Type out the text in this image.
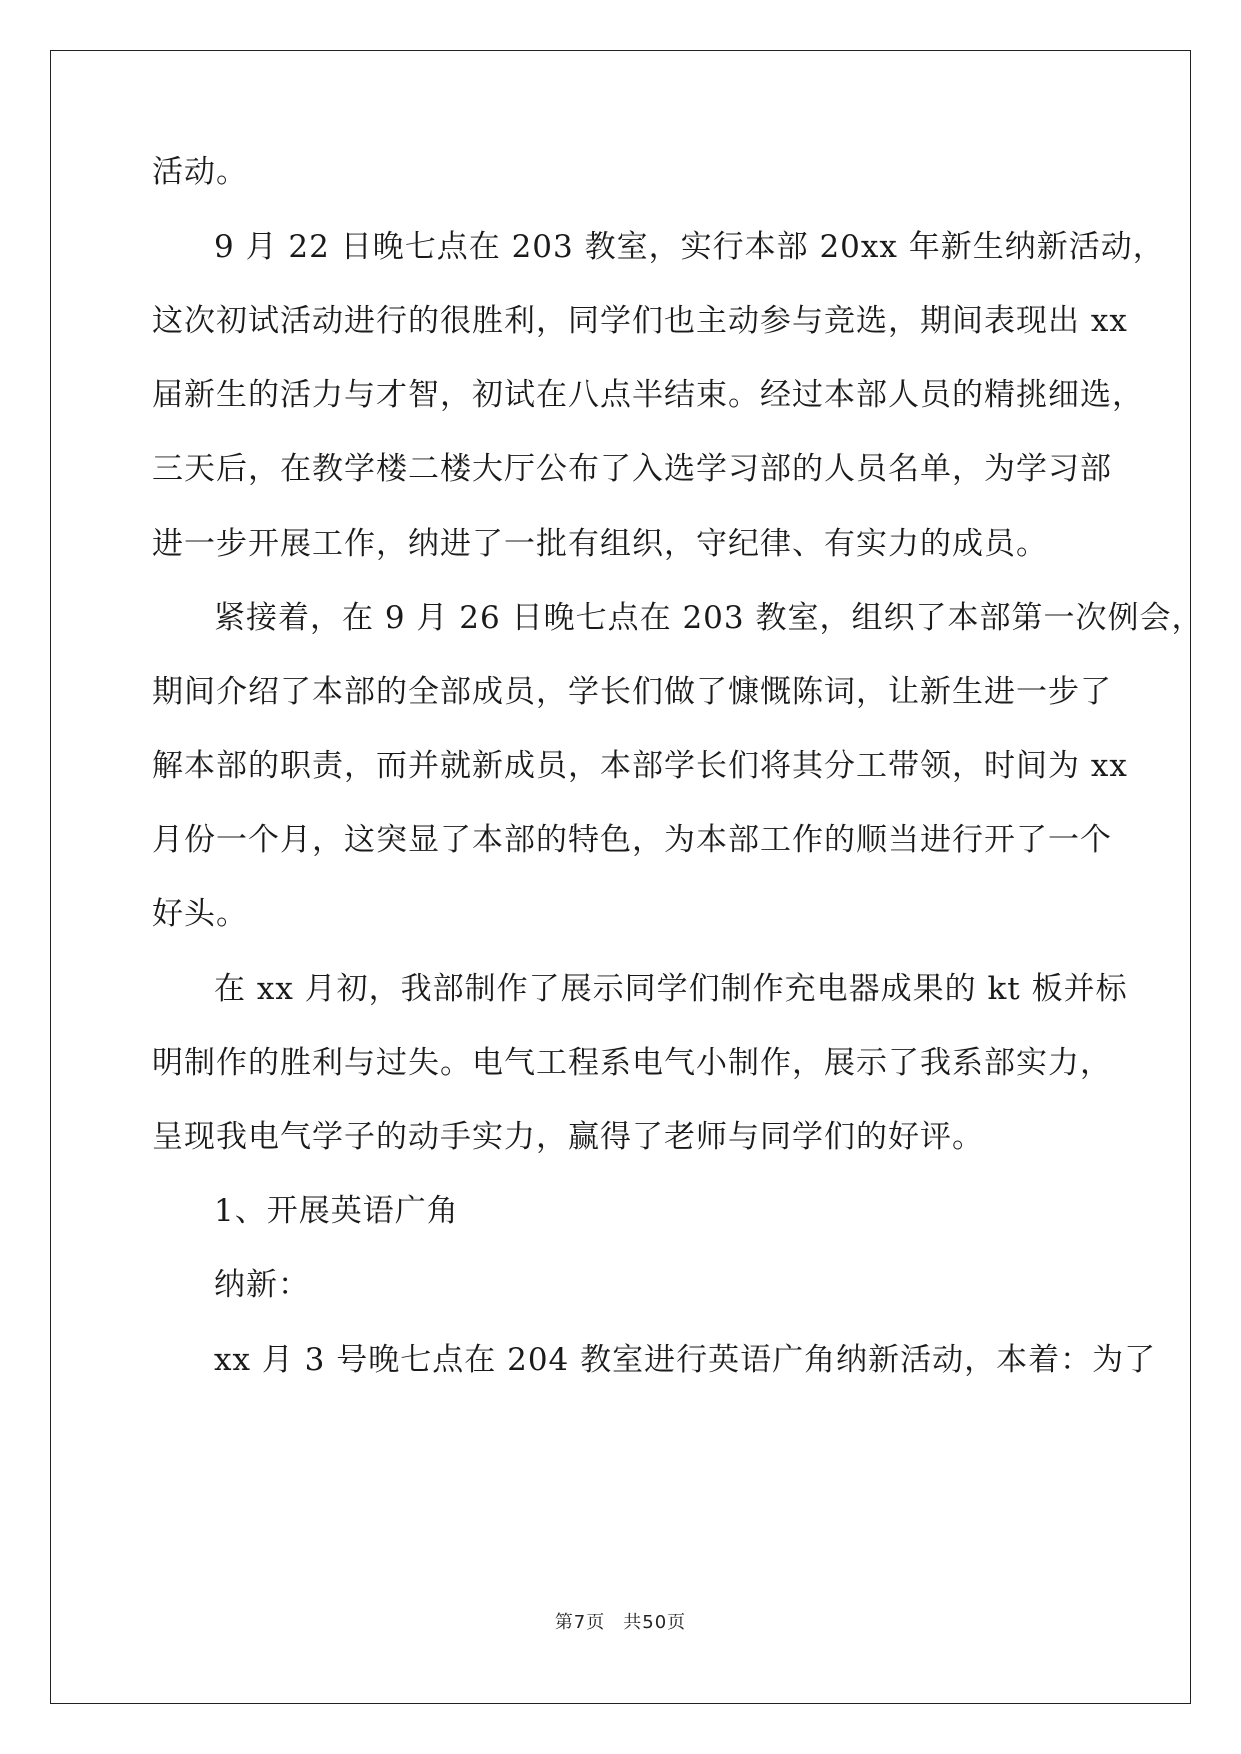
活动。
9 月 22 日晚七点在 203 教室，实行本部 20xx 年新生纳新活动，
这次初试活动进行的很胜利，同学们也主动参与竞选，期间表现出 xx
届新生的活力与才智，初试在八点半结束。经过本部人员的精挑细选，
三天后，在教学楼二楼大厅公布了入选学习部的人员名单，为学习部
进一步开展工作，纳进了一批有组织，守纪律、有实力的成员。
紧接着，在 9 月 26 日晚七点在 203 教室，组织了本部第一次例会，
期间介绍了本部的全部成员，学长们做了慷慨陈词，让新生进一步了
解本部的职责，而并就新成员，本部学长们将其分工带领，时间为 xx
月份一个月，这突显了本部的特色，为本部工作的顺当进行开了一个
好头。
在 xx 月初，我部制作了展示同学们制作充电器成果的 kt 板并标
明制作的胜利与过失。电气工程系电气小制作，展示了我系部实力，
呈现我电气学子的动手实力，赢得了老师与同学们的好评。
1、开展英语广角
纳新：
xx 月 3 号晚七点在 204 教室进行英语广角纳新活动，本着：为了
第7页 共50页
